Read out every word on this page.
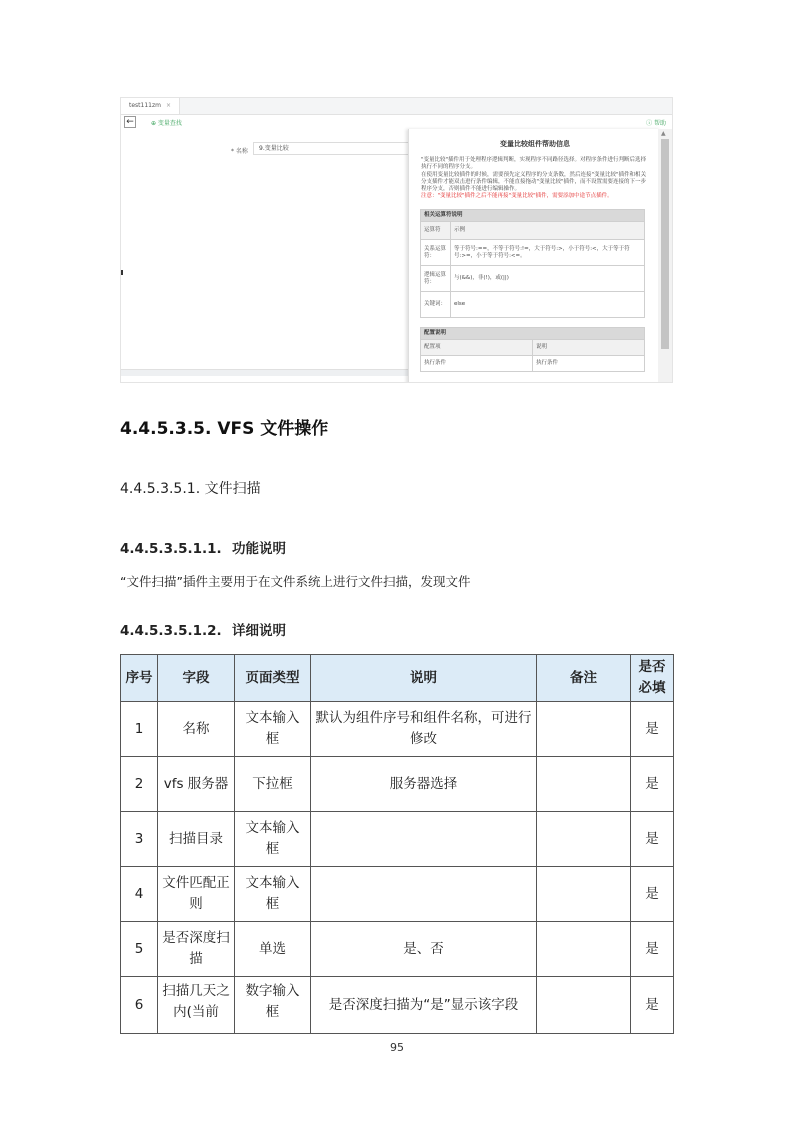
test111zm ×
←	⊕ 变量查找	ⓘ 帮助
* 名称	9.变量比较
变量比较组件帮助信息
"变量比较"插件用于处理程序逻辑判断，实现程序不同路径选择。对程序条件进行判断后选择执行不同的程序分支。
在使用变量比较插件的时候，需要预先定义程序的分支条数，然后连接"变量比较"插件和相关分支插件才能双击进行条件编辑，不能直接拖动"变量比较"插件，而不设置需要连接的下一步程序分支，否则插件不能进行编辑操作。
注意："变量比较"插件之后不能再接"变量比较"插件，需要添加中途节点插件。
相关运算符说明	
运算符	示例
关系运算符：	等于符号:==，不等于符号:!=，大于符号:>，小于符号:<，大于等于符号:>=，小于等于符号:<=。
逻辑运算符：	与(&&)，非(!)，或(||)
关键词：	else
配置说明	
配置项	说明
执行条件	执行条件
▲
4.4.5.3.5. VFS 文件操作
4.4.5.3.5.1. 文件扫描
4.4.5.3.5.1.1. 功能说明
“文件扫描”插件主要用于在文件系统上进行文件扫描，发现文件
4.4.5.3.5.1.2. 详细说明
序号	字段	页面类型	说明	备注	是否必填
1	名称	文本输入框	默认为组件序号和组件名称，可进行修改		是
2	vfs 服务器	下拉框	服务器选择		是
3	扫描目录	文本输入框			是
4	文件匹配正则	文本输入框			是
5	是否深度扫描	单选	是、否		是
6	扫描几天之内(当前	数字输入框	是否深度扫描为“是”显示该字段		是
95
